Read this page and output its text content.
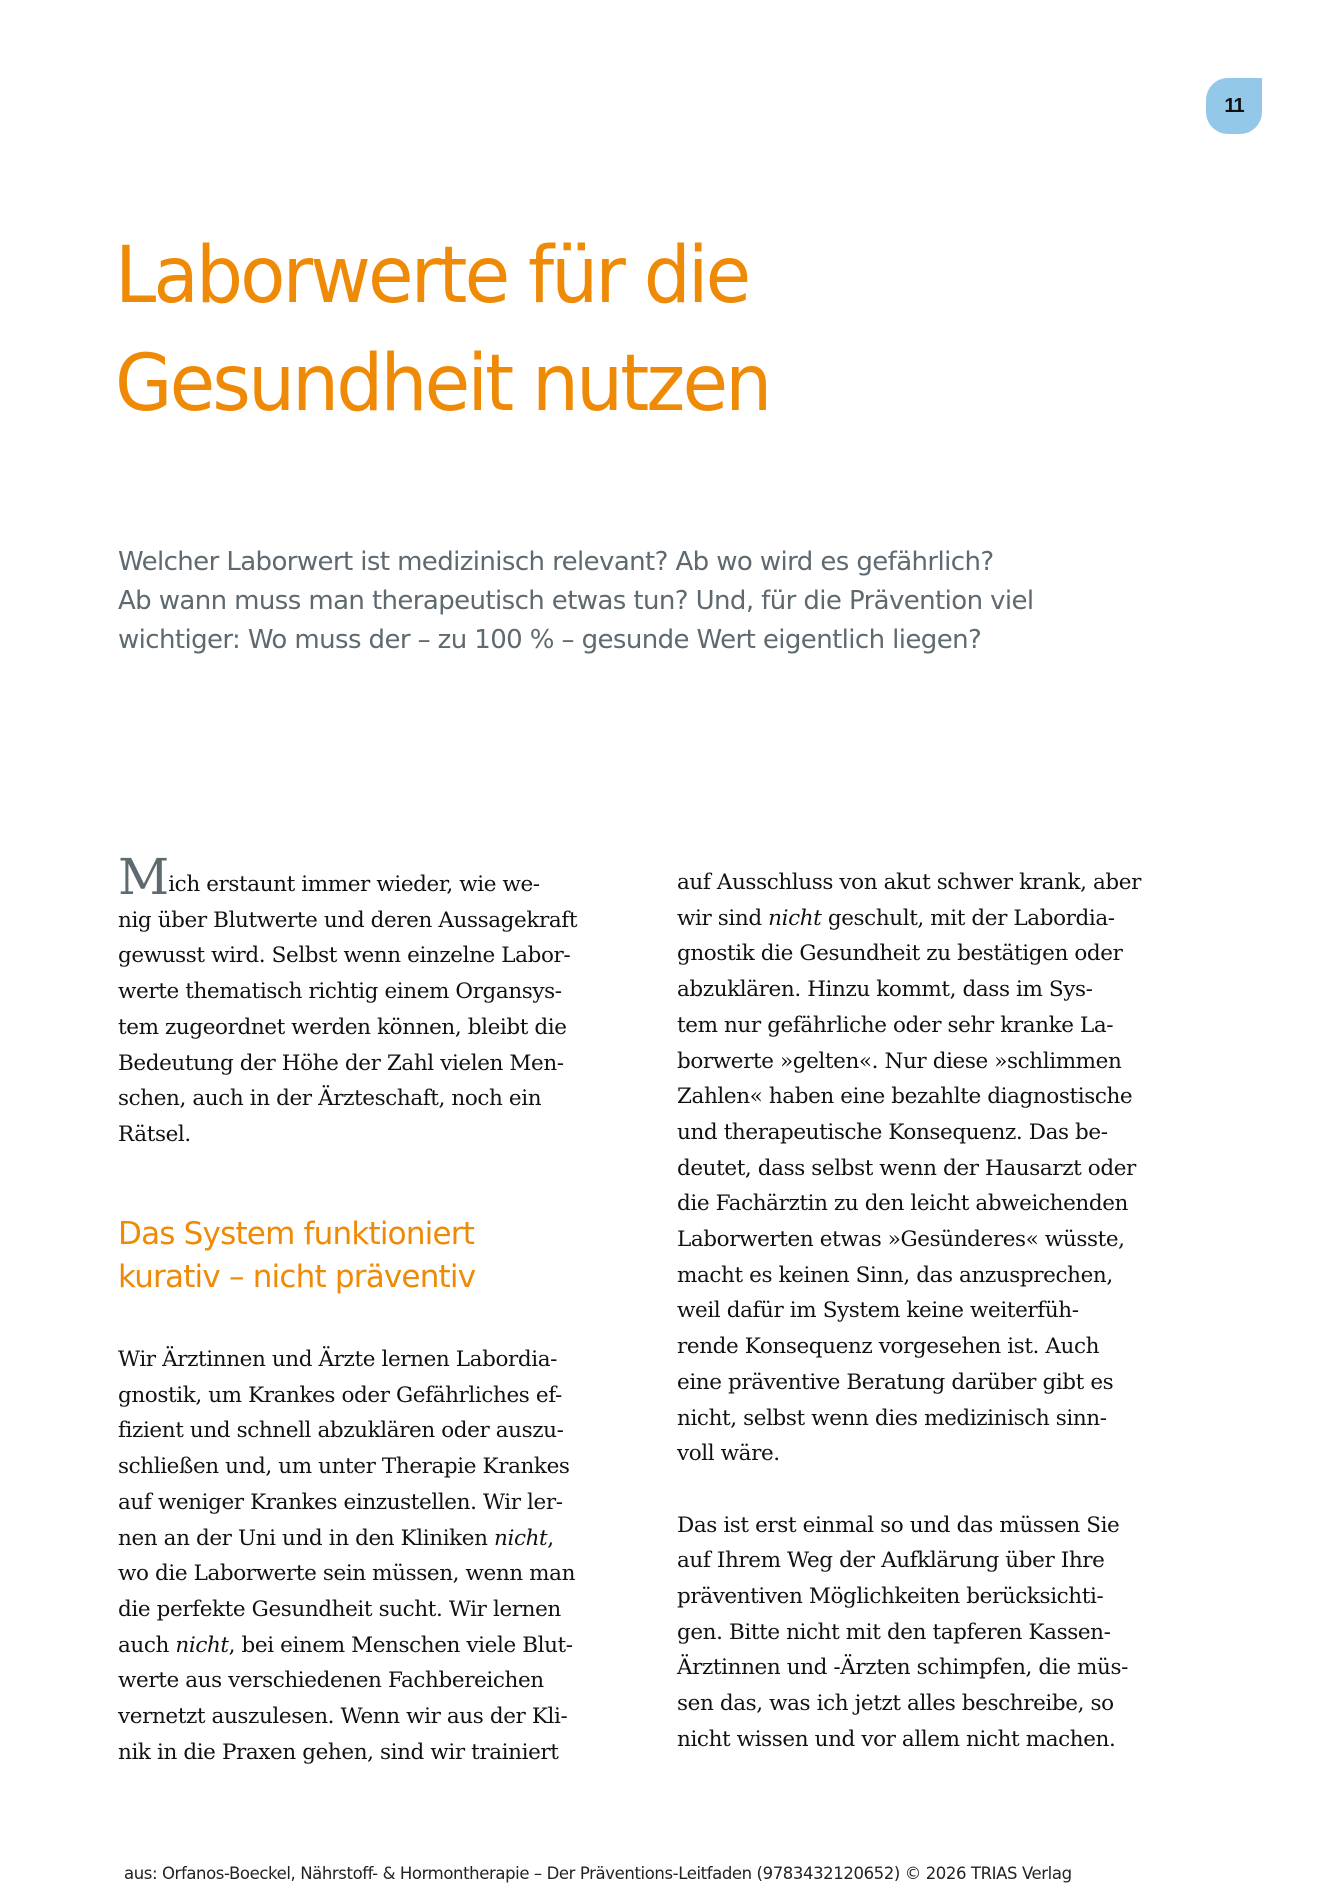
11
Laborwerte für die
Gesundheit nutzen

Welcher Laborwert ist medizinisch relevant? Ab wo wird es gefährlich?
Ab wann muss man therapeutisch etwas tun? Und, für die Prävention viel
wichtiger: Wo muss der – zu 100 % – gesunde Wert eigentlich liegen?

Mich erstaunt immer wieder, wie we-
nig über Blutwerte und deren Aussagekraft
gewusst wird. Selbst wenn einzelne Labor-
werte thematisch richtig einem Organsys-
tem zugeordnet werden können, bleibt die
Bedeutung der Höhe der Zahl vielen Men-
schen, auch in der Ärzteschaft, noch ein
Rätsel.
Das System funktioniert
kurativ – nicht präventiv
Wir Ärztinnen und Ärzte lernen Labordia-
gnostik, um Krankes oder Gefährliches ef-
fizient und schnell abzuklären oder auszu-
schließen und, um unter Therapie Krankes
auf weniger Krankes einzustellen. Wir ler-
nen an der Uni und in den Kliniken nicht,
wo die Laborwerte sein müssen, wenn man
die perfekte Gesundheit sucht. Wir lernen
auch nicht, bei einem Menschen viele Blut-
werte aus verschiedenen Fachbereichen
vernetzt auszulesen. Wenn wir aus der Kli-
nik in die Praxen gehen, sind wir trainiert
auf Ausschluss von akut schwer krank, aber
wir sind nicht geschult, mit der Labordia-
gnostik die Gesundheit zu bestätigen oder
abzuklären. Hinzu kommt, dass im Sys-
tem nur gefährliche oder sehr kranke La-
borwerte »gelten«. Nur diese »schlimmen
Zahlen« haben eine bezahlte diagnostische
und therapeutische Konsequenz. Das be-
deutet, dass selbst wenn der Hausarzt oder
die Fachärztin zu den leicht abweichenden
Laborwerten etwas »Gesünderes« wüsste,
macht es keinen Sinn, das anzusprechen,
weil dafür im System keine weiterfüh-
rende Konsequenz vorgesehen ist. Auch
eine präventive Beratung darüber gibt es
nicht, selbst wenn dies medizinisch sinn-
voll wäre.
Das ist erst einmal so und das müssen Sie
auf Ihrem Weg der Aufklärung über Ihre
präventiven Möglichkeiten berücksichti-
gen. Bitte nicht mit den tapferen Kassen-
Ärztinnen und -Ärzten schimpfen, die müs-
sen das, was ich jetzt alles beschreibe, so
nicht wissen und vor allem nicht machen.
aus: Orfanos-Boeckel, Nährstoff- & Hormontherapie – Der Präventions-Leitfaden (9783432120652) © 2026 TRIAS Verlag
